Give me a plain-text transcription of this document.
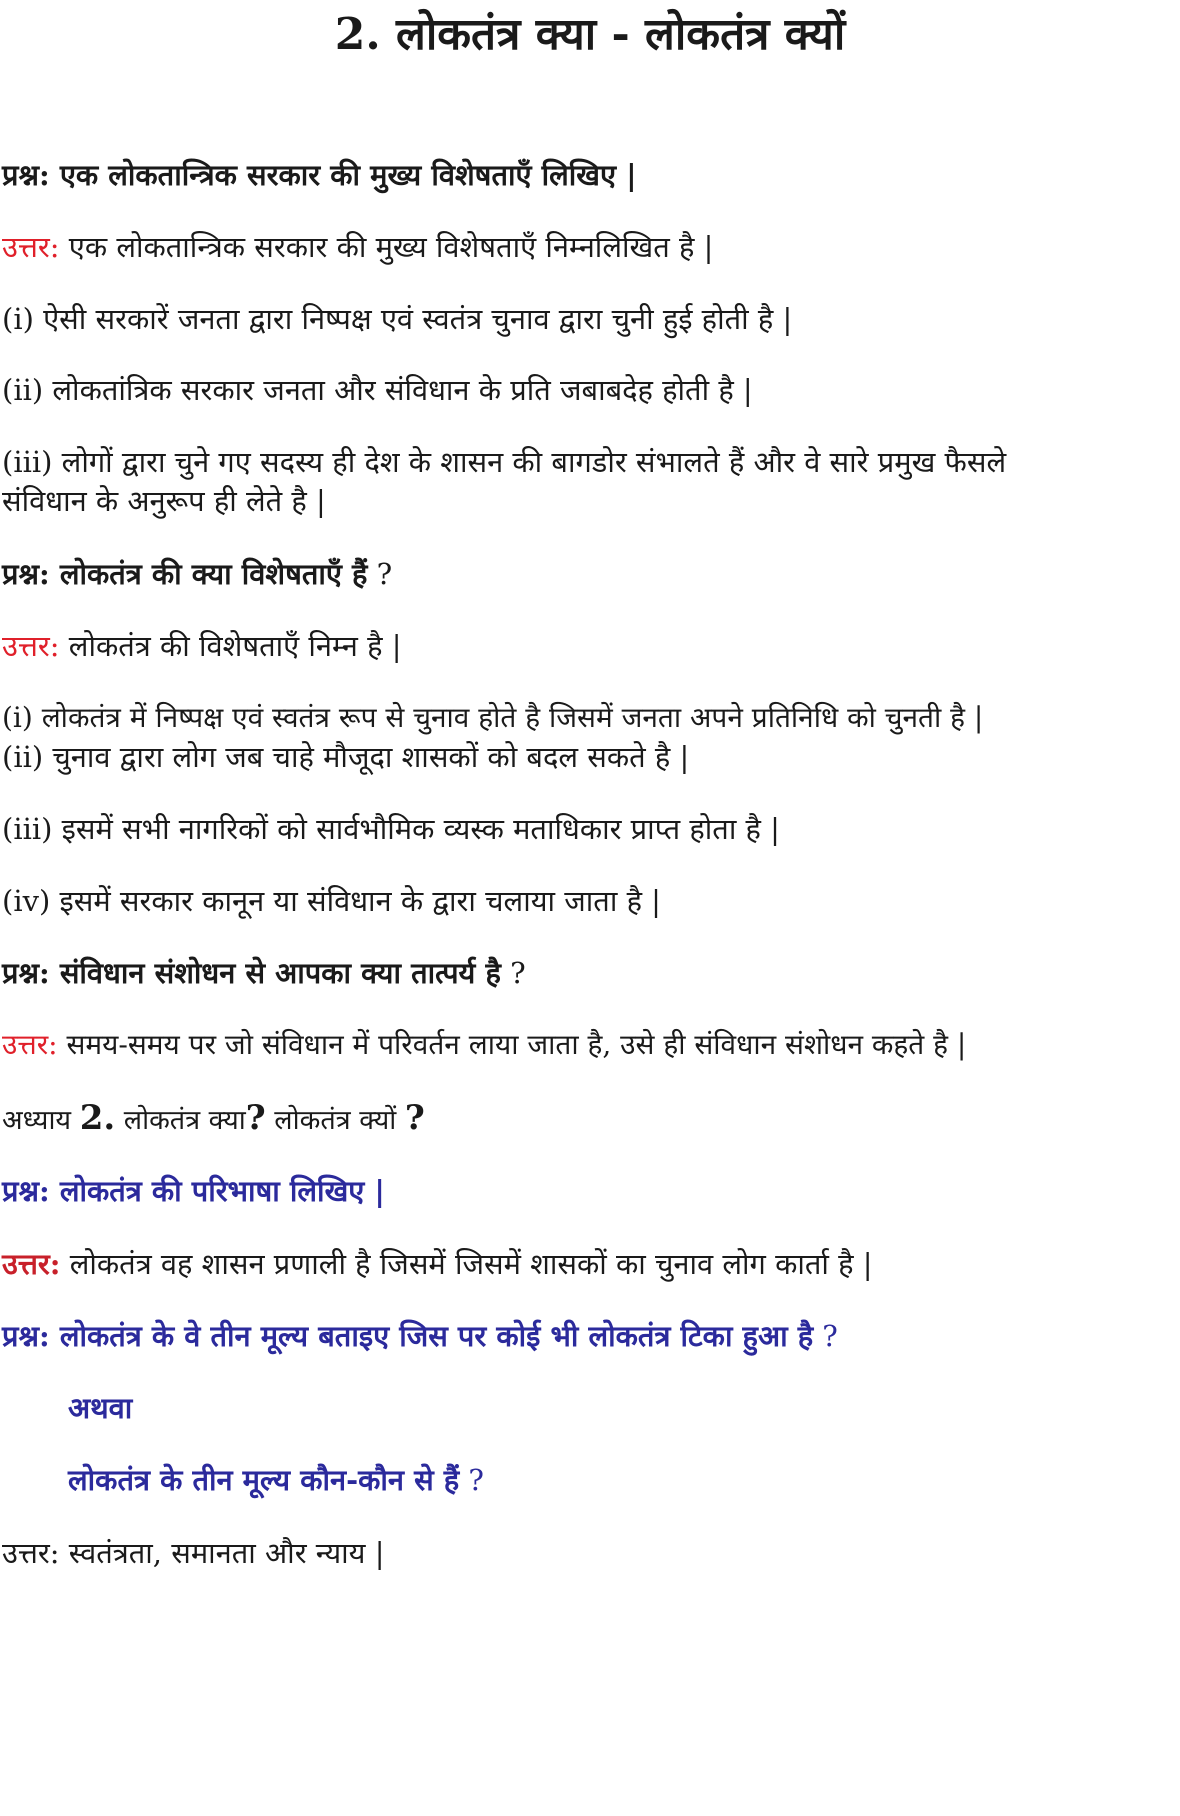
2. लोकतंत्र क्या - लोकतंत्र क्यों
प्रश्न: एक लोकतान्त्रिक सरकार की मुख्य विशेषताएँ लिखिए |
उत्तर: एक लोकतान्त्रिक सरकार की मुख्य विशेषताएँ निम्नलिखित है |
(i) ऐसी सरकारें जनता द्वारा निष्पक्ष एवं स्वतंत्र चुनाव द्वारा चुनी हुई होती है |
(ii) लोकतांत्रिक सरकार जनता और संविधान के प्रति जबाबदेह होती है |
(iii) लोगों द्वारा चुने गए सदस्य ही देश के शासन की बागडोर संभालते हैं और वे सारे प्रमुख फैसले
संविधान के अनुरूप ही लेते है |
प्रश्न: लोकतंत्र की क्या विशेषताएँ हैं ?
उत्तर: लोकतंत्र की विशेषताएँ निम्न है |
(i) लोकतंत्र में निष्पक्ष एवं स्वतंत्र रूप से चुनाव होते है जिसमें जनता अपने प्रतिनिधि को चुनती है |
(ii) चुनाव द्वारा लोग जब चाहे मौजूदा शासकों को बदल सकते है |
(iii) इसमें सभी नागरिकों को सार्वभौमिक व्यस्क मताधिकार प्राप्त होता है |
(iv) इसमें सरकार कानून या संविधान के द्वारा चलाया जाता है |
प्रश्न: संविधान संशोधन से आपका क्या तात्पर्य है ?
उत्तर: समय-समय पर जो संविधान में परिवर्तन लाया जाता है, उसे ही संविधान संशोधन कहते है |
अध्याय 2. लोकतंत्र क्या? लोकतंत्र क्यों ?
प्रश्न: लोकतंत्र की परिभाषा लिखिए |
उत्तर: लोकतंत्र वह शासन प्रणाली है जिसमें जिसमें शासकों का चुनाव लोग कार्ता है |
प्रश्न: लोकतंत्र के वे तीन मूल्य बताइए जिस पर कोई भी लोकतंत्र टिका हुआ है ?
अथवा
लोकतंत्र के तीन मूल्य कौन-कौन से हैं ?
उत्तर: स्वतंत्रता, समानता और न्याय |
